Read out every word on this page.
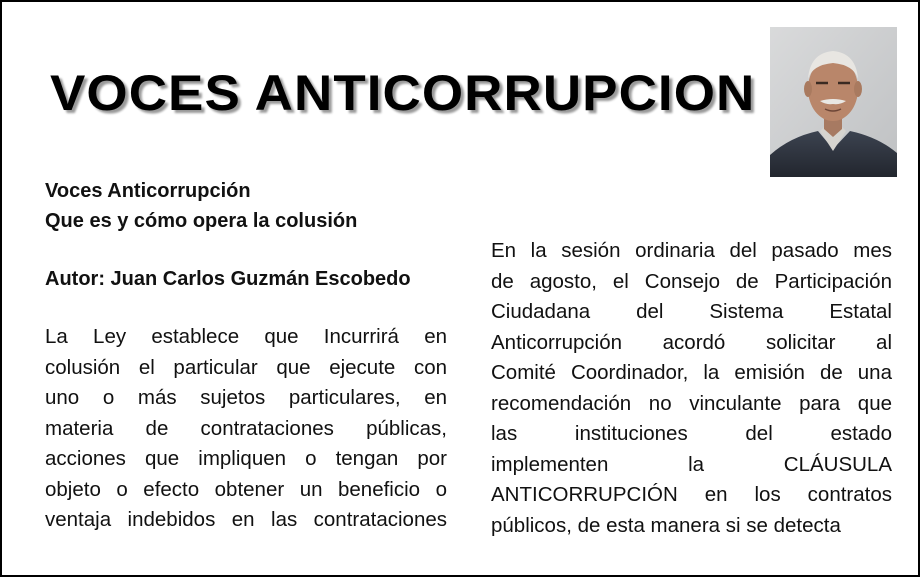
VOCES ANTICORRUPCION
Voces Anticorrupción
Que es y cómo opera la colusión
Autor: Juan Carlos Guzmán Escobedo
La Ley establece que Incurrirá en
colusión el particular que ejecute con
uno o más sujetos particulares, en
materia de contrataciones públicas,
acciones que impliquen o tengan por
objeto o efecto obtener un beneficio o
ventaja indebidos en las contrataciones
En la sesión ordinaria del pasado mes
de agosto, el Consejo de Participación
Ciudadana del Sistema Estatal
Anticorrupción acordó solicitar al
Comité Coordinador, la emisión de una
recomendación no vinculante para que
las instituciones del estado
implementen la CLÁUSULA
ANTICORRUPCIÓN en los contratos
públicos, de esta manera si se detecta
